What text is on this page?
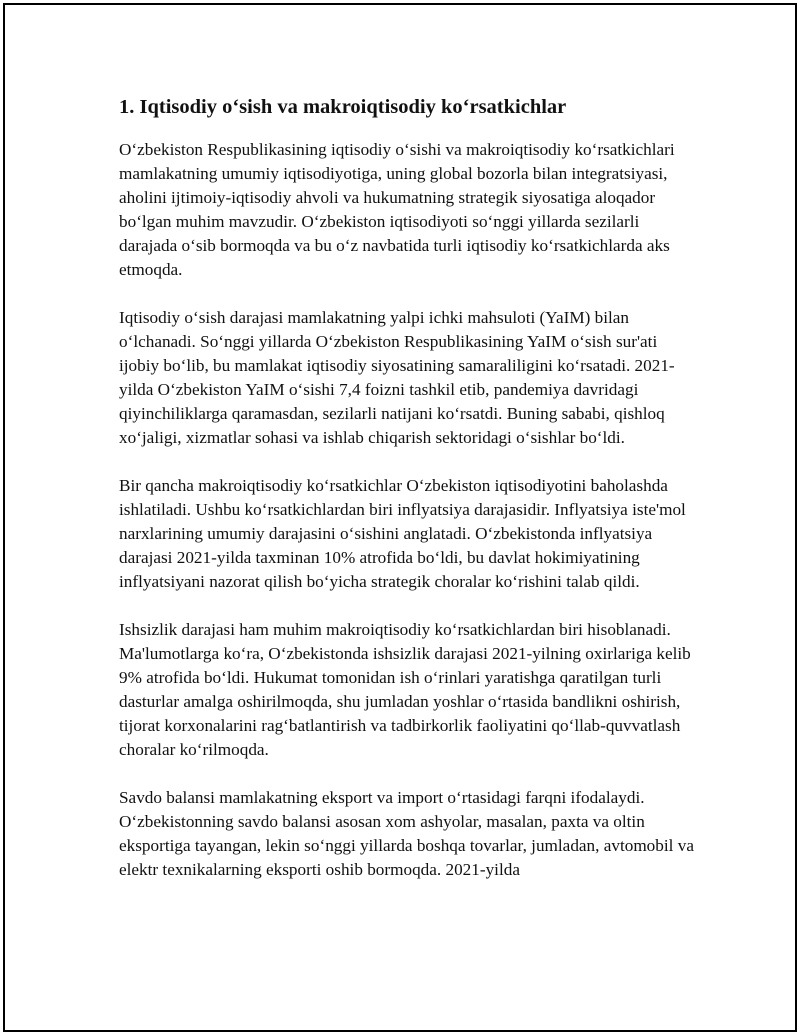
1. Iqtisodiy o‘sish va makroiqtisodiy ko‘rsatkichlar

O‘zbekiston Respublikasining iqtisodiy o‘sishi va makroiqtisodiy ko‘rsatkichlari mamlakatning umumiy iqtisodiyotiga, uning global bozorla bilan integratsiyasi, aholini ijtimoiy-iqtisodiy ahvoli va hukumatning strategik siyosatiga aloqador bo‘lgan muhim mavzudir. O‘zbekiston iqtisodiyoti so‘nggi yillarda sezilarli darajada o‘sib bormoqda va bu o‘z navbatida turli iqtisodiy ko‘rsatkichlarda aks etmoqda.

Iqtisodiy o‘sish darajasi mamlakatning yalpi ichki mahsuloti (YaIM) bilan o‘lchanadi. So‘nggi yillarda O‘zbekiston Respublikasining YaIM o‘sish sur'ati ijobiy bo‘lib, bu mamlakat iqtisodiy siyosatining samaraliligini ko‘rsatadi. 2021-yilda O‘zbekiston YaIM o‘sishi 7,4 foizni tashkil etib, pandemiya davridagi qiyinchiliklarga qaramasdan, sezilarli natijani ko‘rsatdi. Buning sababi, qishloq xo‘jaligi, xizmatlar sohasi va ishlab chiqarish sektoridagi o‘sishlar bo‘ldi.

Bir qancha makroiqtisodiy ko‘rsatkichlar O‘zbekiston iqtisodiyotini baholashda ishlatiladi. Ushbu ko‘rsatkichlardan biri inflyatsiya darajasidir. Inflyatsiya iste'mol narxlarining umumiy darajasini o‘sishini anglatadi. O‘zbekistonda inflyatsiya darajasi 2021-yilda taxminan 10% atrofida bo‘ldi, bu davlat hokimiyatining inflyatsiyani nazorat qilish bo‘yicha strategik choralar ko‘rishini talab qildi.

Ishsizlik darajasi ham muhim makroiqtisodiy ko‘rsatkichlardan biri hisoblanadi. Ma'lumotlarga ko‘ra, O‘zbekistonda ishsizlik darajasi 2021-yilning oxirlariga kelib 9% atrofida bo‘ldi. Hukumat tomonidan ish o‘rinlari yaratishga qaratilgan turli dasturlar amalga oshirilmoqda, shu jumladan yoshlar o‘rtasida bandlikni oshirish, tijorat korxonalarini rag‘batlantirish va tadbirkorlik faoliyatini qo‘llab-quvvatlash choralar ko‘rilmoqda.

Savdo balansi mamlakatning eksport va import o‘rtasidagi farqni ifodalaydi. O‘zbekistonning savdo balansi asosan xom ashyolar, masalan, paxta va oltin eksportiga tayangan, lekin so‘nggi yillarda boshqa tovarlar, jumladan, avtomobil va elektr texnikalarning eksporti oshib bormoqda. 2021-yilda
